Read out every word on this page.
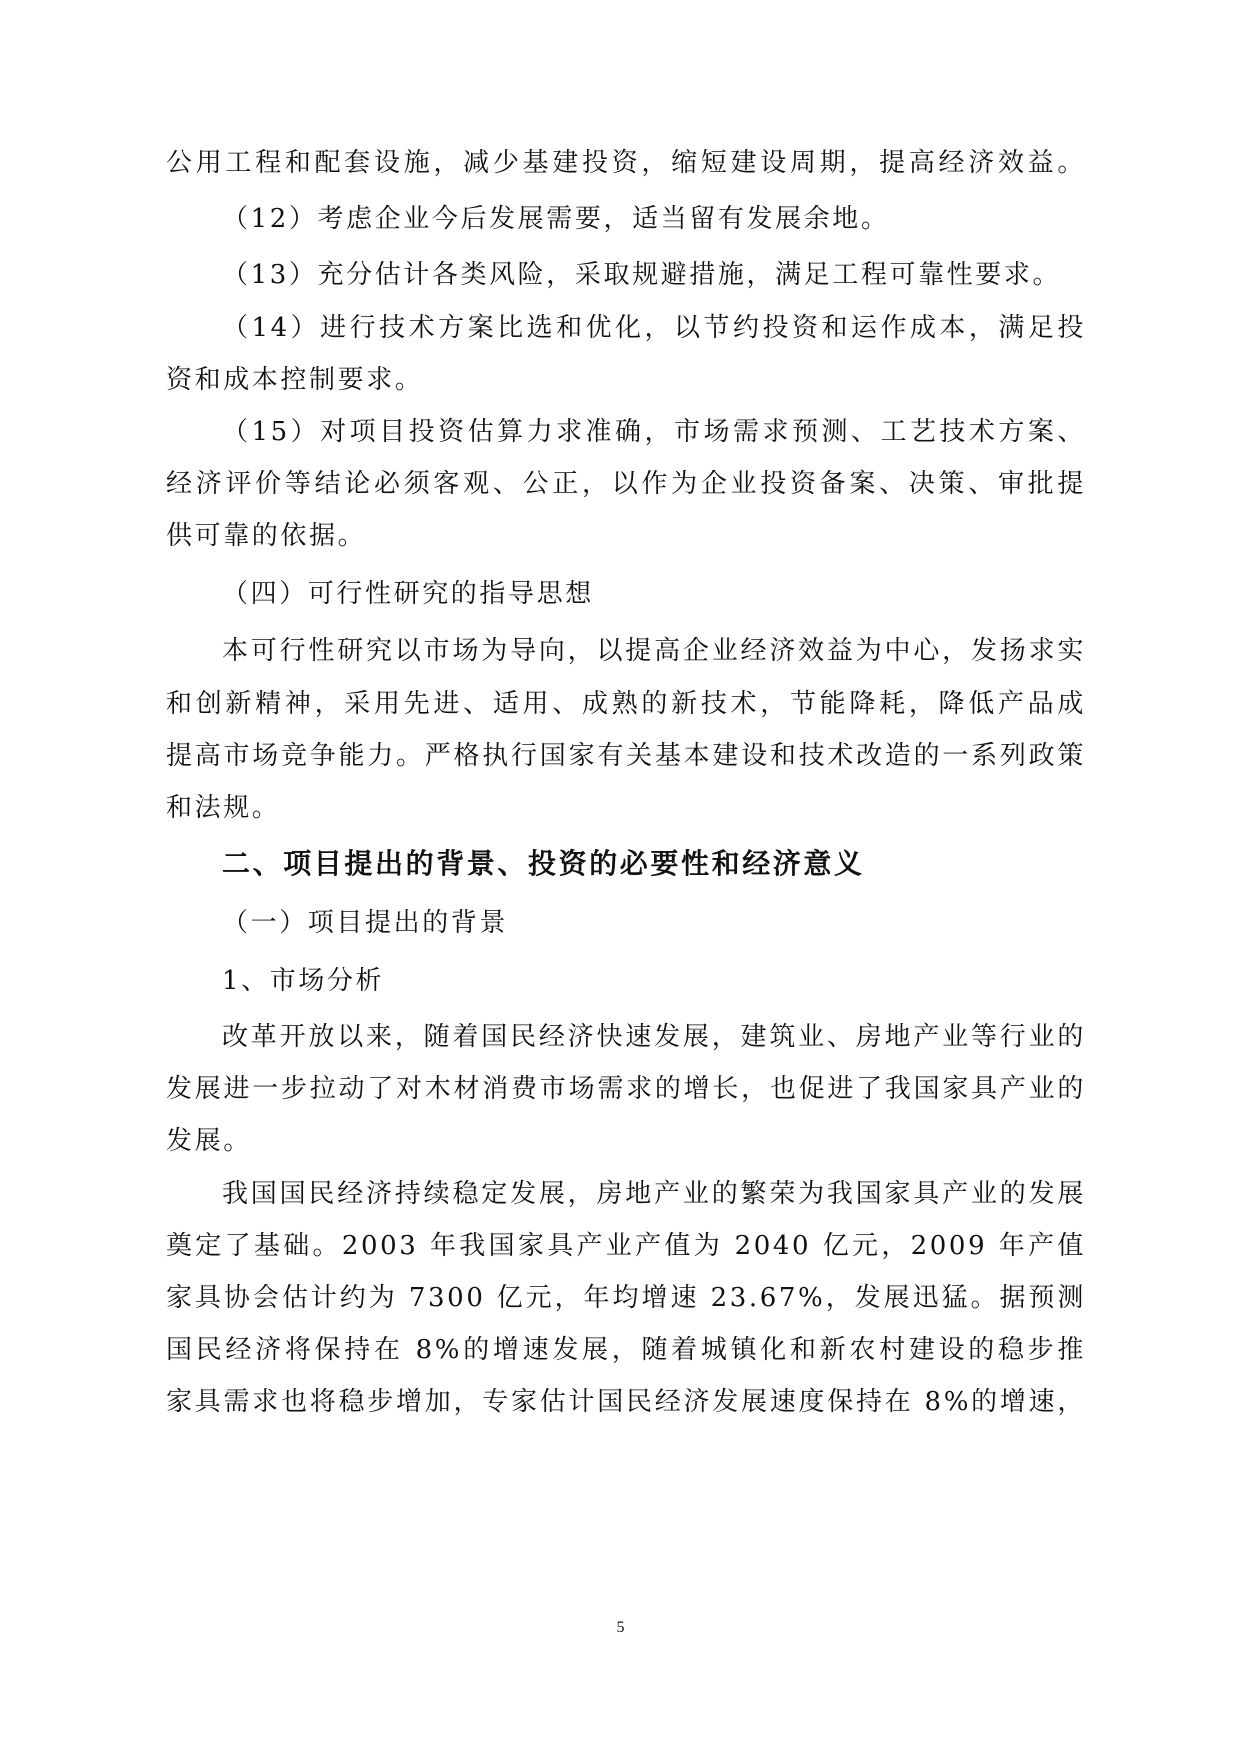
公用工程和配套设施，减少基建投资，缩短建设周期，提高经济效益。
（12）考虑企业今后发展需要，适当留有发展余地。
（13）充分估计各类风险，采取规避措施，满足工程可靠性要求。
（14）进行技术方案比选和优化，以节约投资和运作成本，满足投
资和成本控制要求。
（15）对项目投资估算力求准确，市场需求预测、工艺技术方案、
经济评价等结论必须客观、公正，以作为企业投资备案、决策、审批提
供可靠的依据。
（四）可行性研究的指导思想
本可行性研究以市场为导向，以提高企业经济效益为中心，发扬求实
和创新精神，采用先进、适用、成熟的新技术，节能降耗，降低产品成
提高市场竞争能力。严格执行国家有关基本建设和技术改造的一系列政策
和法规。
二、项目提出的背景、投资的必要性和经济意义
（一）项目提出的背景
1、市场分析
改革开放以来，随着国民经济快速发展，建筑业、房地产业等行业的
发展进一步拉动了对木材消费市场需求的增长，也促进了我国家具产业的
发展。
我国国民经济持续稳定发展，房地产业的繁荣为我国家具产业的发展
奠定了基础。2003 年我国家具产业产值为 2040 亿元，2009 年产值
家具协会估计约为 7300 亿元，年均增速 23.67%，发展迅猛。据预测
国民经济将保持在 8%的增速发展，随着城镇化和新农村建设的稳步推
家具需求也将稳步增加，专家估计国民经济发展速度保持在 8%的增速，
5
